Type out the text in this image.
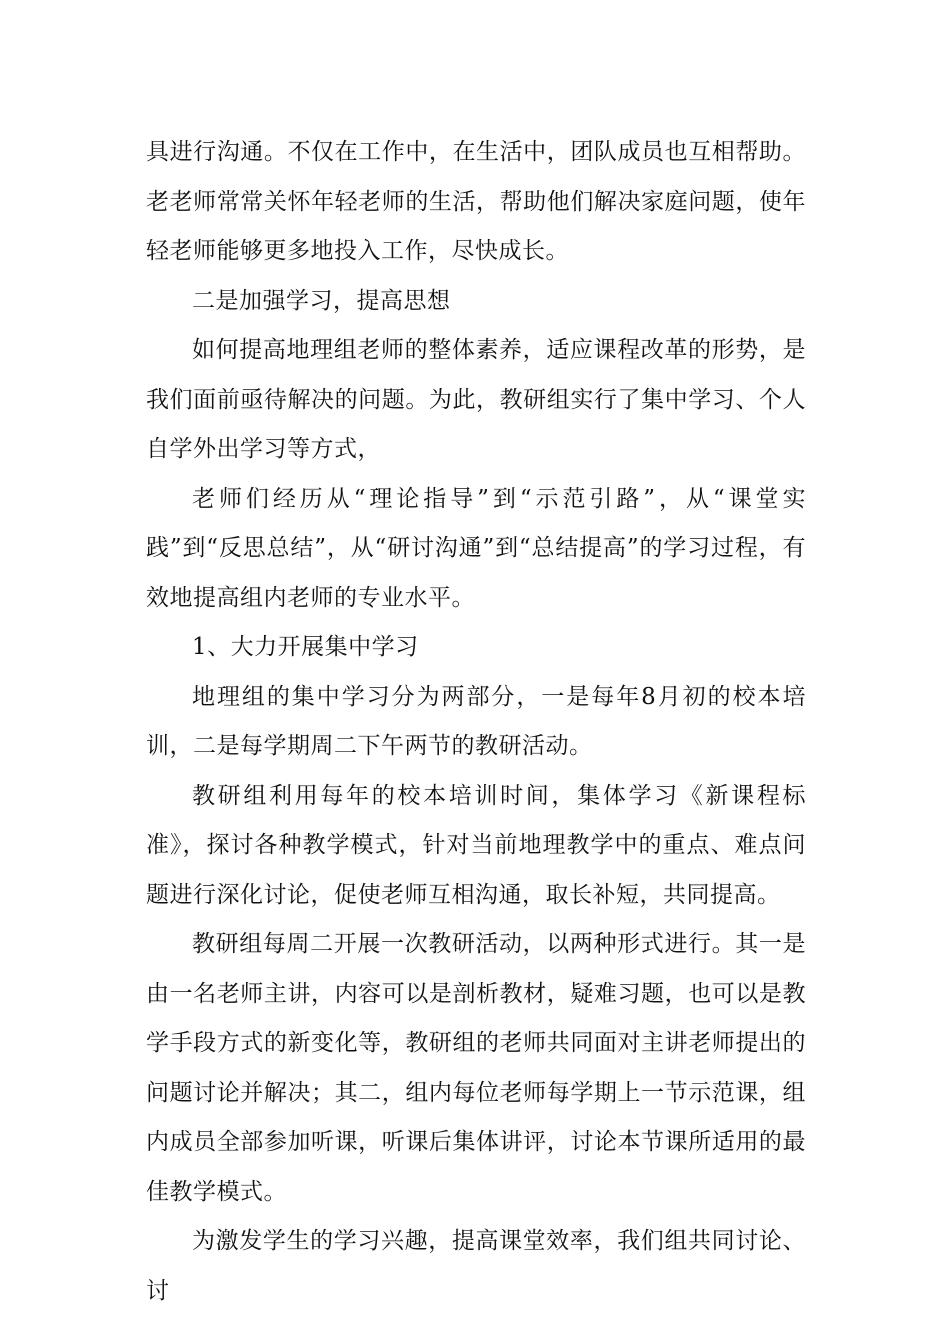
具进行沟通。不仅在工作中，在生活中，团队成员也互相帮助。老老师常常关怀年轻老师的生活，帮助他们解决家庭问题，使年轻老师能够更多地投入工作，尽快成长。

二是加强学习，提高思想

如何提高地理组老师的整体素养，适应课程改革的形势，是我们面前亟待解决的问题。为此，教研组实行了集中学习、个人自学外出学习等方式，

老师们经历从“理论指导”到“示范引路”，从“课堂实践”到“反思总结”，从“研讨沟通”到“总结提高”的学习过程，有效地提高组内老师的专业水平。

1、大力开展集中学习

地理组的集中学习分为两部分，一是每年8月初的校本培训，二是每学期周二下午两节的教研活动。

教研组利用每年的校本培训时间，集体学习《新课程标准》，探讨各种教学模式，针对当前地理教学中的重点、难点问题进行深化讨论，促使老师互相沟通，取长补短，共同提高。

教研组每周二开展一次教研活动，以两种形式进行。其一是由一名老师主讲，内容可以是剖析教材，疑难习题，也可以是教学手段方式的新变化等，教研组的老师共同面对主讲老师提出的问题讨论并解决；其二，组内每位老师每学期上一节示范课，组内成员全部参加听课，听课后集体讲评，讨论本节课所适用的最佳教学模式。

为激发学生的学习兴趣，提高课堂效率，我们组共同讨论、讨
